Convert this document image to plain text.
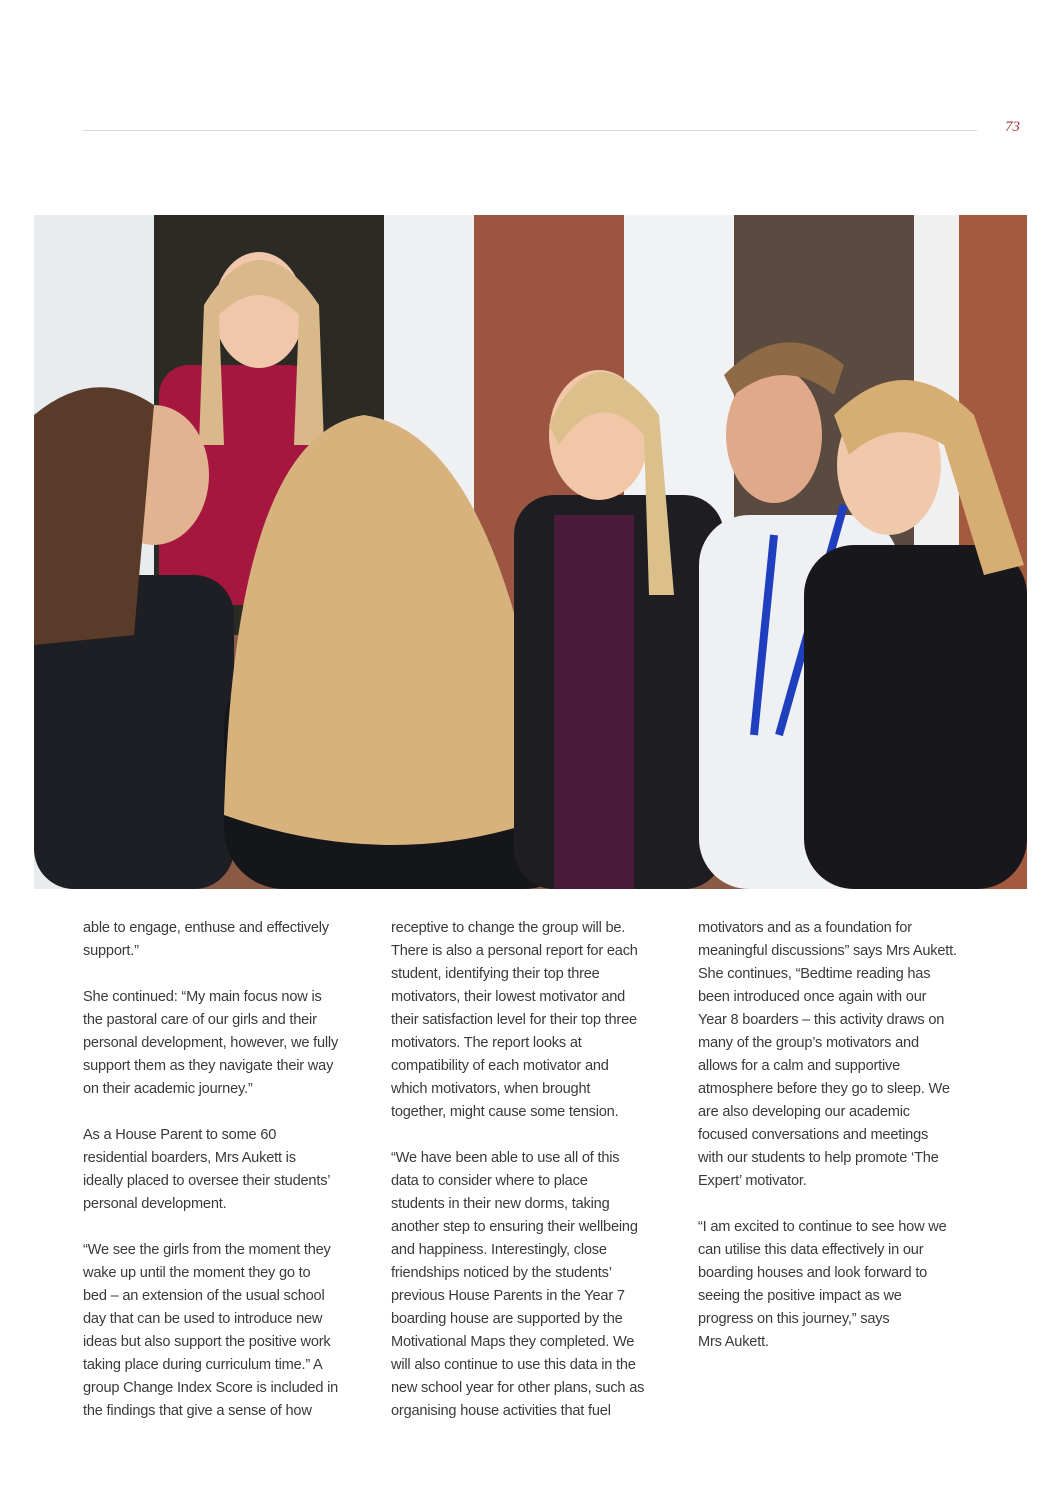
73
able to engage, enthuse and effectively
support.”
She continued: “My main focus now is
the pastoral care of our girls and their
personal development, however, we fully
support them as they navigate their way
on their academic journey.”
As a House Parent to some 60
residential boarders, Mrs Aukett is
ideally placed to oversee their students’
personal development.
“We see the girls from the moment they
wake up until the moment they go to
bed – an extension of the usual school
day that can be used to introduce new
ideas but also support the positive work
taking place during curriculum time.” A
group Change Index Score is included in
the findings that give a sense of how
receptive to change the group will be.
There is also a personal report for each
student, identifying their top three
motivators, their lowest motivator and
their satisfaction level for their top three
motivators. The report looks at
compatibility of each motivator and
which motivators, when brought
together, might cause some tension.
“We have been able to use all of this
data to consider where to place
students in their new dorms, taking
another step to ensuring their wellbeing
and happiness. Interestingly, close
friendships noticed by the students’
previous House Parents in the Year 7
boarding house are supported by the
Motivational Maps they completed. We
will also continue to use this data in the
new school year for other plans, such as
organising house activities that fuel
motivators and as a foundation for
meaningful discussions” says Mrs Aukett.
She continues, “Bedtime reading has
been introduced once again with our
Year 8 boarders – this activity draws on
many of the group’s motivators and
allows for a calm and supportive
atmosphere before they go to sleep. We
are also developing our academic
focused conversations and meetings
with our students to help promote ‘The
Expert’ motivator.
“I am excited to continue to see how we
can utilise this data effectively in our
boarding houses and look forward to
seeing the positive impact as we
progress on this journey,” says
Mrs Aukett.
